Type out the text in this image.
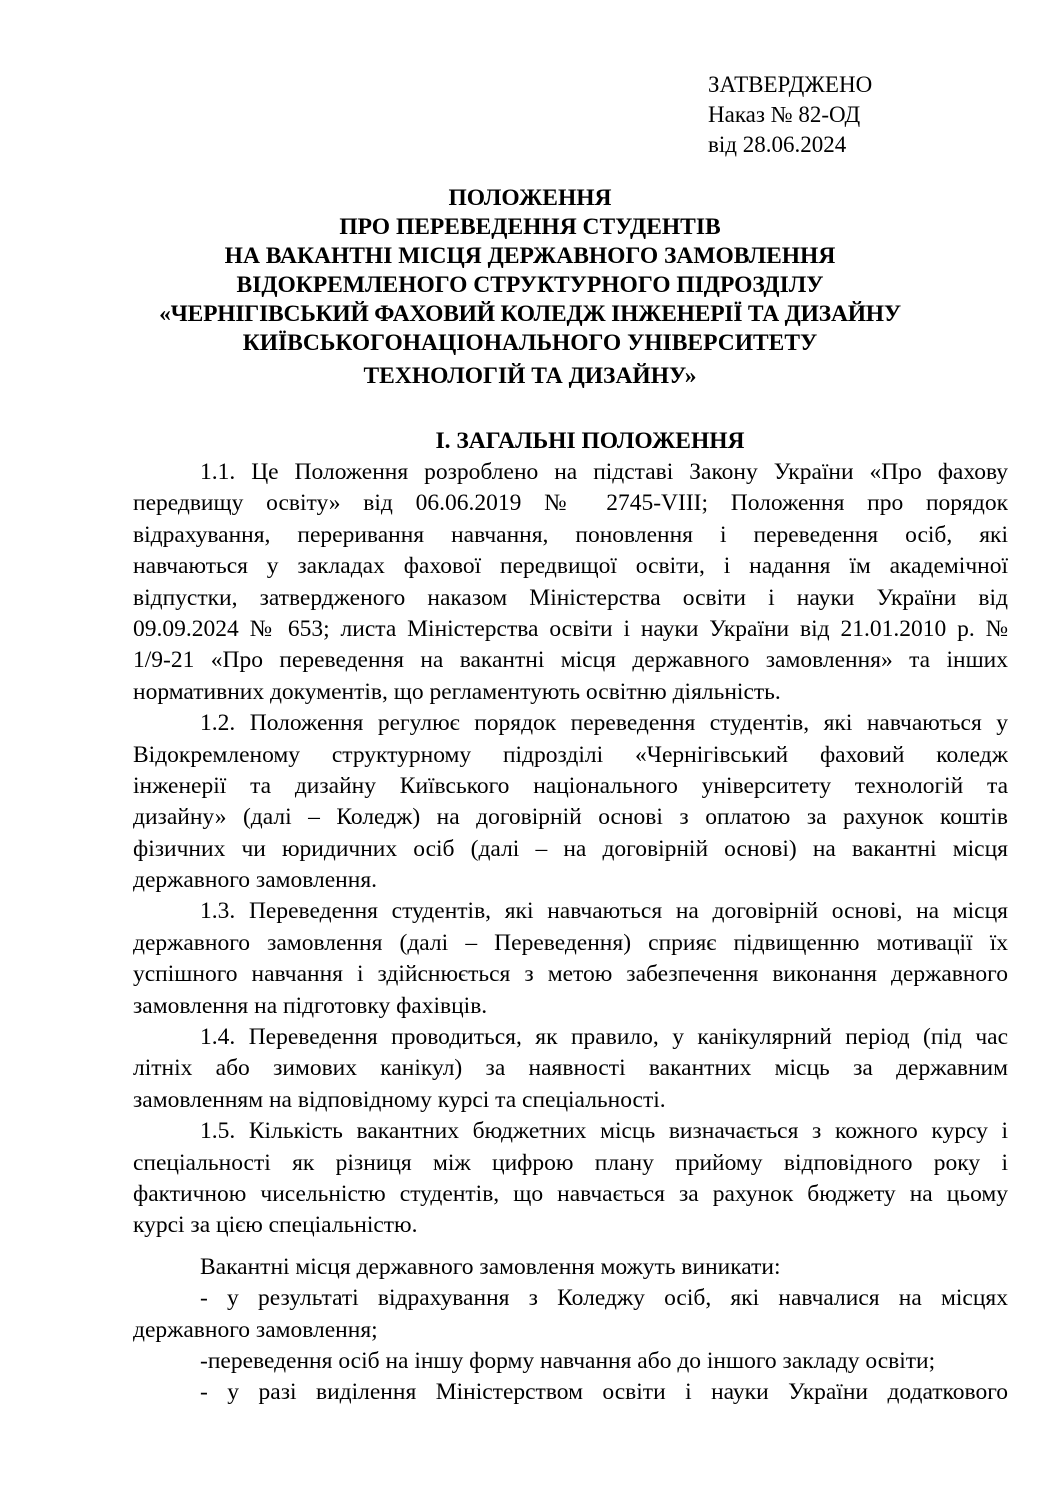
ЗАТВЕРДЖЕНО
Наказ № 82-ОД
від 28.06.2024
ПОЛОЖЕННЯ
ПРО ПЕРЕВЕДЕННЯ СТУДЕНТІВ
НА ВАКАНТНІ МІСЦЯ ДЕРЖАВНОГО ЗАМОВЛЕННЯ
ВІДОКРЕМЛЕНОГО СТРУКТУРНОГО ПІДРОЗДІЛУ
«ЧЕРНІГІВСЬКИЙ ФАХОВИЙ КОЛЕДЖ ІНЖЕНЕРІЇ ТА ДИЗАЙНУ
КИЇВСЬКОГОНАЦІОНАЛЬНОГО УНІВЕРСИТЕТУ
ТЕХНОЛОГІЙ ТА ДИЗАЙНУ»
І. ЗАГАЛЬНІ ПОЛОЖЕННЯ
1.1. Це Положення розроблено на підставі Закону України «Про фахову
передвищу освіту» від 06.06.2019 № 2745-VIII; Положення про порядок
відрахування, переривання навчання, поновлення і переведення осіб, які
навчаються у закладах фахової передвищої освіти, і надання їм академічної
відпустки, затвердженого наказом Міністерства освіти і науки України від
09.09.2024 № 653; листа Міністерства освіти і науки України від 21.01.2010 р. №
1/9-21 «Про переведення на вакантні місця державного замовлення» та інших
нормативних документів, що регламентують освітню діяльність.
1.2. Положення регулює порядок переведення студентів, які навчаються у
Відокремленому структурному підрозділі «Чернігівський фаховий коледж
інженерії та дизайну Київського національного університету технологій та
дизайну» (далі – Коледж) на договірній основі з оплатою за рахунок коштів
фізичних чи юридичних осіб (далі – на договірній основі) на вакантні місця
державного замовлення.
1.3. Переведення студентів, які навчаються на договірній основі, на місця
державного замовлення (далі – Переведення) сприяє підвищенню мотивації їх
успішного навчання і здійснюється з метою забезпечення виконання державного
замовлення на підготовку фахівців.
1.4. Переведення проводиться, як правило, у канікулярний період (під час
літніх або зимових канікул) за наявності вакантних місць за державним
замовленням на відповідному курсі та спеціальності.
1.5. Кількість вакантних бюджетних місць визначається з кожного курсу і
спеціальності як різниця між цифрою плану прийому відповідного року і
фактичною чисельністю студентів, що навчається за рахунок бюджету на цьому
курсі за цією спеціальністю.
Вакантні місця державного замовлення можуть виникати:
- у результаті відрахування з Коледжу осіб, які навчалися на місцях
державного замовлення;
-переведення осіб на іншу форму навчання або до іншого закладу освіти;
- у разі виділення Міністерством освіти і науки України додаткового
